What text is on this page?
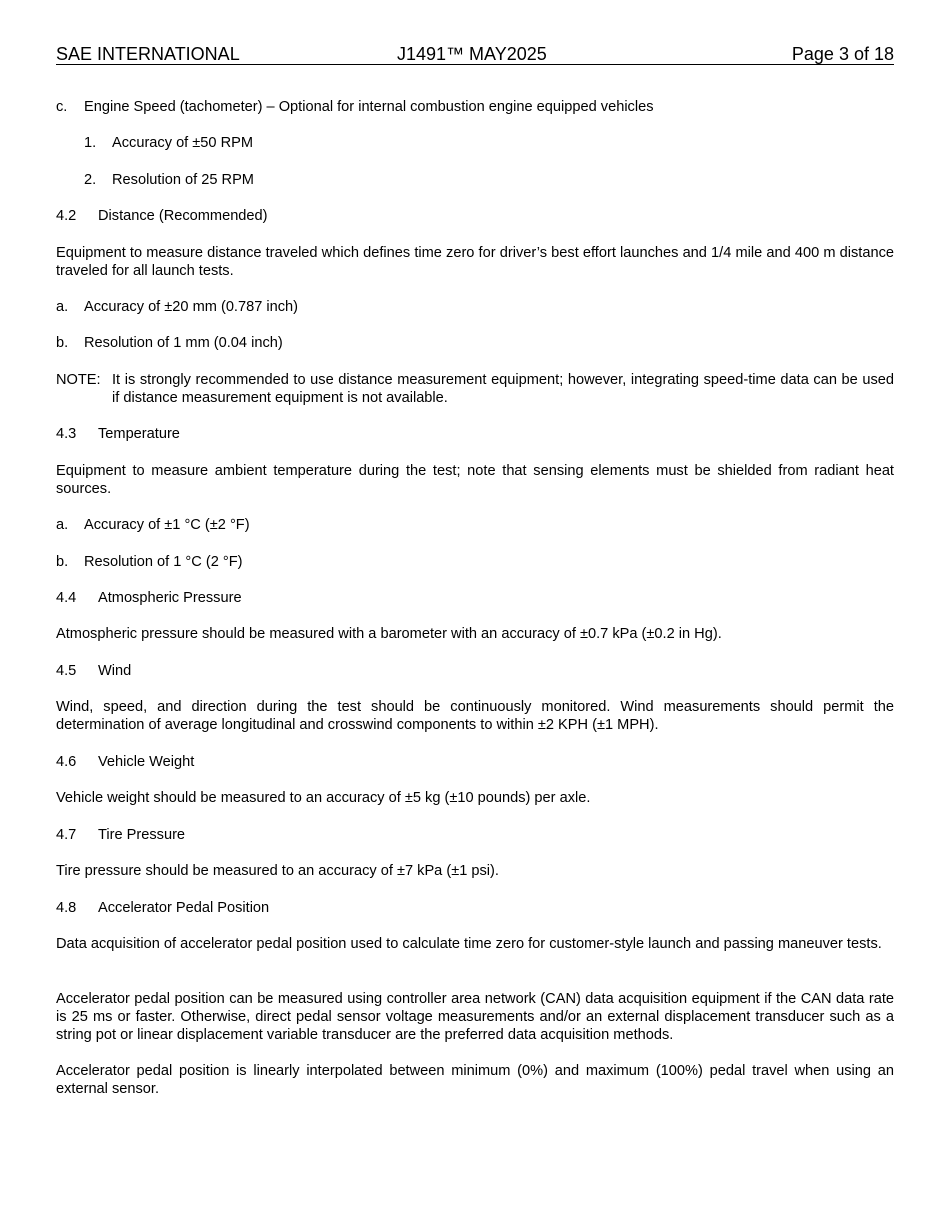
SAE INTERNATIONAL	J1491™ MAY2025	Page 3 of 18
c. Engine Speed (tachometer) – Optional for internal combustion engine equipped vehicles
1. Accuracy of ±50 RPM
2. Resolution of 25 RPM
4.2 Distance (Recommended)
Equipment to measure distance traveled which defines time zero for driver’s best effort launches and 1/4 mile and 400 m distance traveled for all launch tests.
a. Accuracy of ±20 mm (0.787 inch)
b. Resolution of 1 mm (0.04 inch)
NOTE: It is strongly recommended to use distance measurement equipment; however, integrating speed-time data can be used if distance measurement equipment is not available.
4.3 Temperature
Equipment to measure ambient temperature during the test; note that sensing elements must be shielded from radiant heat sources.
a. Accuracy of ±1 °C (±2 °F)
b. Resolution of 1 °C (2 °F)
4.4 Atmospheric Pressure
Atmospheric pressure should be measured with a barometer with an accuracy of ±0.7 kPa (±0.2 in Hg).
4.5 Wind
Wind, speed, and direction during the test should be continuously monitored. Wind measurements should permit the determination of average longitudinal and crosswind components to within ±2 KPH (±1 MPH).
4.6 Vehicle Weight
Vehicle weight should be measured to an accuracy of ±5 kg (±10 pounds) per axle.
4.7 Tire Pressure
Tire pressure should be measured to an accuracy of ±7 kPa (±1 psi).
4.8 Accelerator Pedal Position
Data acquisition of accelerator pedal position used to calculate time zero for customer-style launch and passing maneuver tests.
Accelerator pedal position can be measured using controller area network (CAN) data acquisition equipment if the CAN data rate is 25 ms or faster. Otherwise, direct pedal sensor voltage measurements and/or an external displacement transducer such as a string pot or linear displacement variable transducer are the preferred data acquisition methods.
Accelerator pedal position is linearly interpolated between minimum (0%) and maximum (100%) pedal travel when using an external sensor.
